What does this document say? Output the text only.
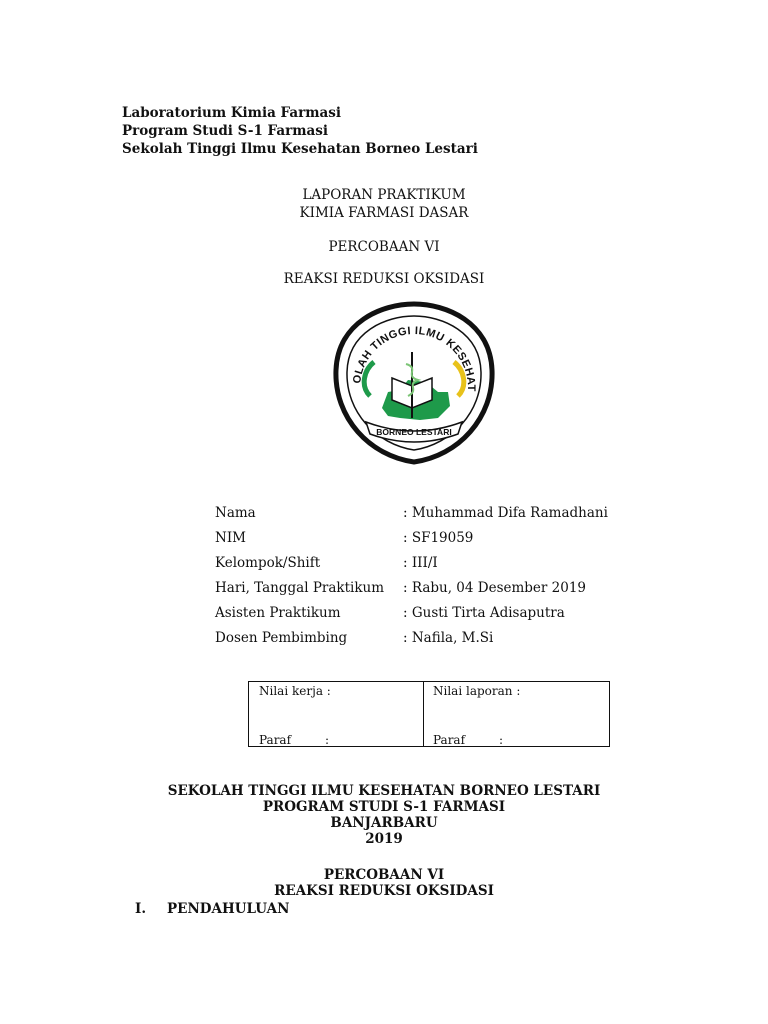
Laboratorium Kimia Farmasi
Program Studi S-1 Farmasi
Sekolah Tinggi Ilmu Kesehatan Borneo Lestari
LAPORAN PRAKTIKUM
KIMIA FARMASI DASAR
PERCOBAAN VI
REAKSI REDUKSI OKSIDASI
OLAH TINGGI ILMU KESEHAT
BORNEO LESTARI
Nama	: Muhammad Difa Ramadhani
NIM	: SF19059
Kelompok/Shift	: III/I
Hari, Tanggal Praktikum : Rabu, 04 Desember 2019
Asisten Praktikum	: Gusti Tirta Adisaputra
Dosen Pembimbing	: Nafila, M.Si
Nilai kerja :	Nilai laporan :
Paraf	:	Paraf	:
SEKOLAH TINGGI ILMU KESEHATAN BORNEO LESTARI
PROGRAM STUDI S-1 FARMASI
BANJARBARU
2019
PERCOBAAN VI
REAKSI REDUKSI OKSIDASI
I. PENDAHULUAN
